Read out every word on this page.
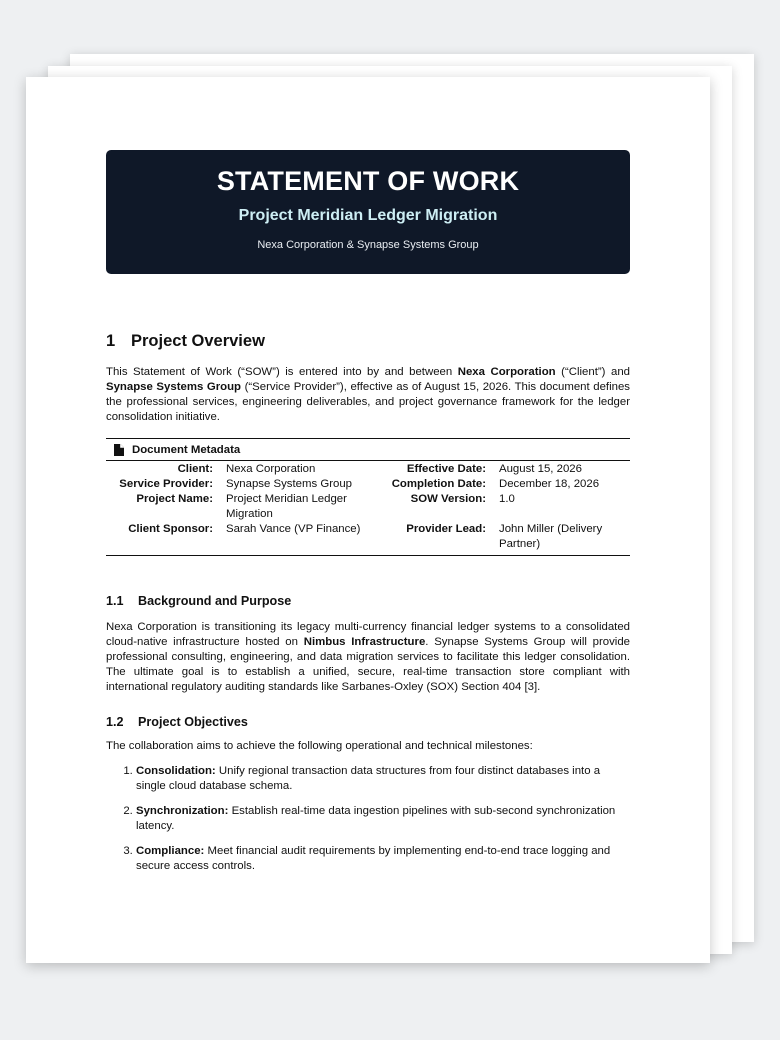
STATEMENT OF WORK
Project Meridian Ledger Migration
Nexa Corporation & Synapse Systems Group
1 Project Overview

This Statement of Work (“SOW”) is entered into by and between Nexa Corporation (“Client”) and Synapse Systems Group (“Service Provider”), effective as of August 15, 2026. This document defines the professional services, engineering deliverables, and project governance framework for the ledger consolidation initiative.

Document Metadata
Client:	Nexa Corporation	Effective Date:	August 15, 2026
Service Provider:	Synapse Systems Group	Completion Date:	December 18, 2026
Project Name:	Project Meridian Ledger Migration	SOW Version:	1.0
Client Sponsor:	Sarah Vance (VP Finance)	Provider Lead:	John Miller (Delivery Partner)
1.1 Background and Purpose

Nexa Corporation is transitioning its legacy multi-currency financial ledger systems to a consolidated cloud-native infrastructure hosted on Nimbus Infrastructure. Synapse Systems Group will provide professional consulting, engineering, and data migration services to facilitate this ledger consolidation. The ultimate goal is to establish a unified, secure, real-time transaction store compliant with international regulatory auditing standards like Sarbanes-Oxley (SOX) Section 404 [3].

1.2 Project Objectives

The collaboration aims to achieve the following operational and technical milestones:

1. Consolidation: Unify regional transaction data structures from four distinct databases into a single cloud database schema.
2. Synchronization: Establish real-time data ingestion pipelines with sub-second synchronization latency.
3. Compliance: Meet financial audit requirements by implementing end-to-end trace logging and secure access controls.
